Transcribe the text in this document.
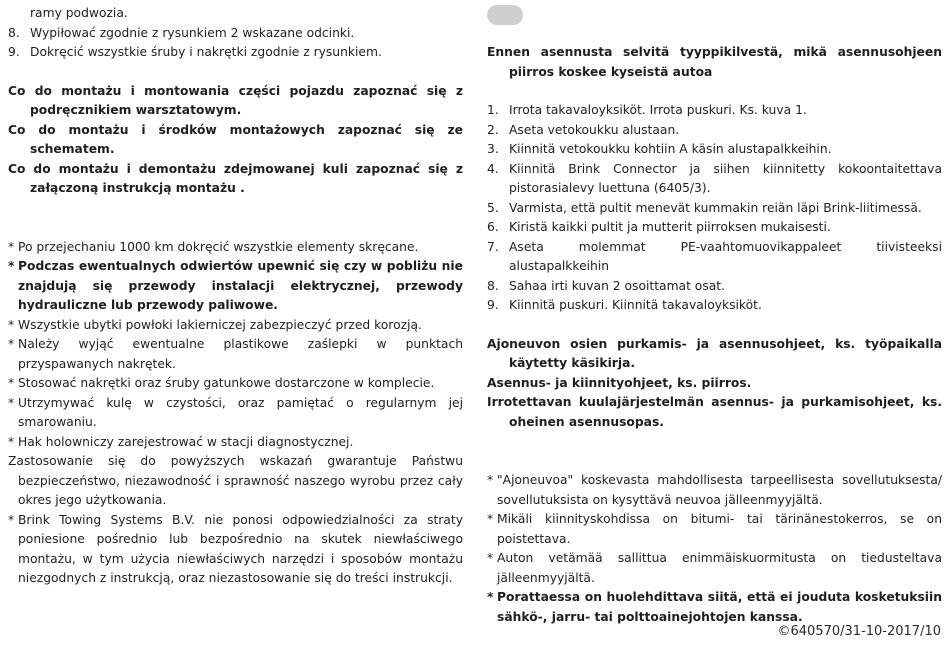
ramy podwozia.

8. Wypiłować zgodnie z rysunkiem 2 wskazane odcinki.

9. Dokręcić wszystkie śruby i nakrętki zgodnie z rysunkiem.

Co do montażu i montowania części pojazdu zapoznać się z podręcznikiem warsztatowym.

Co do montażu i środków montażowych zapoznać się ze schematem.

Co do montażu i demontażu zdejmowanej kuli zapoznać się z załączoną instrukcją montażu .

* Po przejechaniu 1000 km dokręcić wszystkie elementy skręcane.

* Podczas ewentualnych odwiertów upewnić się czy w pobliżu nie znajdują się przewody instalacji elektrycznej, przewody hydrauliczne lub przewody paliwowe.

* Wszystkie ubytki powłoki lakierniczej zabezpieczyć przed korozją.

* Należy wyjąć ewentualne plastikowe zaślepki w punktach przyspawanych nakrętek.

* Stosować nakrętki oraz śruby gatunkowe dostarczone w komplecie.

* Utrzymywać kulę w czystości, oraz pamiętać o regularnym jej smarowaniu.

* Hak holowniczy zarejestrować w stacji diagnostycznej.

Zastosowanie się do powyższych wskazań gwarantuje Państwu bezpieczeństwo, niezawodność i sprawność naszego wyrobu przez cały okres jego użytkowania.

* Brink Towing Systems B.V. nie ponosi odpowiedzialności za straty poniesione pośrednio lub bezpośrednio na skutek niewłaściwego montażu, w tym użycia niewłaściwych narzędzi i sposobów montażu niezgodnych z instrukcją, oraz niezastosowanie się do treści instrukcji.

Ennen asennusta selvitä tyyppikilvestä, mikä asennusohjeen piirros koskee kyseistä autoa

1. Irrota takavaloyksiköt. Irrota puskuri. Ks. kuva 1.

2. Aseta vetokoukku alustaan.

3. Kiinnitä vetokoukku kohtiin A käsin alustapalkkeihin.

4. Kiinnitä Brink Connector ja siihen kiinnitetty kokoontaitettava pistorasialevy luettuna (6405/3).

5. Varmista, että pultit menevät kummakin reiän läpi Brink-liitimessä.

6. Kiristä kaikki pultit ja mutterit piirroksen mukaisesti.

7. Aseta molemmat PE-vaahtomuovikappaleet tiivisteeksi alustapalkkeihin

8. Sahaa irti kuvan 2 osoittamat osat.

9. Kiinnitä puskuri. Kiinnitä takavaloyksiköt.

Ajoneuvon osien purkamis- ja asennusohjeet, ks. työpaikalla käytetty käsikirja.

Asennus- ja kiinnityohjeet, ks. piirros.

Irrotettavan kuulajärjestelmän asennus- ja purkamisohjeet, ks. oheinen asennusopas.

* "Ajoneuvoa" koskevasta mahdollisesta tarpeellisesta sovellutuksesta/ sovellutuksista on kysyttävä neuvoa jälleenmyyjältä.

* Mikäli kiinnityskohdissa on bitumi- tai tärinänestokerros, se on poistettava.

* Auton vetämää sallittua enimmäiskuormitusta on tiedusteltava jälleenmyyjältä.

* Porattaessa on huolehdittava siitä, että ei jouduta kosketuksiin sähkö-, jarru- tai polttoainejohtojen kanssa.

©640570/31-10-2017/10
